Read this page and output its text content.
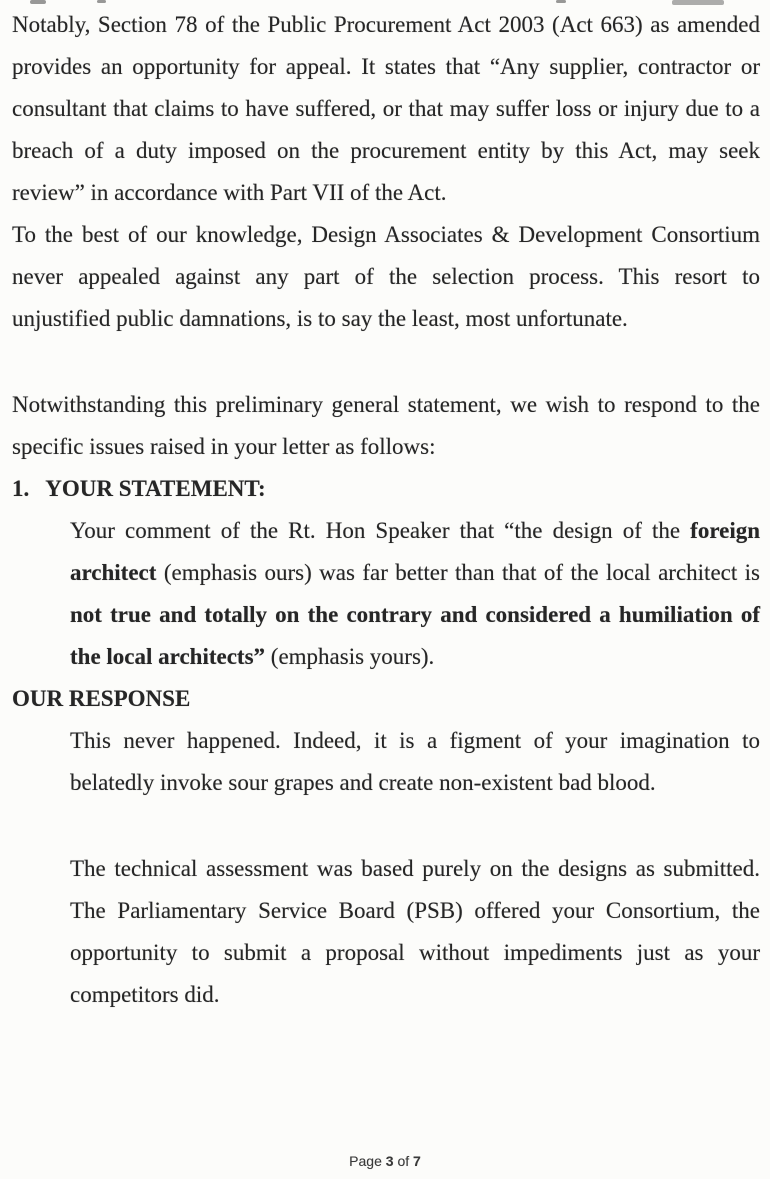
Notably, Section 78 of the Public Procurement Act 2003 (Act 663) as amended provides an opportunity for appeal. It states that “Any supplier, contractor or consultant that claims to have suffered, or that may suffer loss or injury due to a breach of a duty imposed on the procurement entity by this Act, may seek review” in accordance with Part VII of the Act.

To the best of our knowledge, Design Associates & Development Consortium never appealed against any part of the selection process. This resort to unjustified public damnations, is to say the least, most unfortunate.

Notwithstanding this preliminary general statement, we wish to respond to the specific issues raised in your letter as follows:

1. YOUR STATEMENT:

Your comment of the Rt. Hon Speaker that “the design of the foreign architect (emphasis ours) was far better than that of the local architect is not true and totally on the contrary and considered a humiliation of the local architects” (emphasis yours).

OUR RESPONSE

This never happened. Indeed, it is a figment of your imagination to belatedly invoke sour grapes and create non-existent bad blood.

The technical assessment was based purely on the designs as submitted. The Parliamentary Service Board (PSB) offered your Consortium, the opportunity to submit a proposal without impediments just as your competitors did.

Page 3 of 7
